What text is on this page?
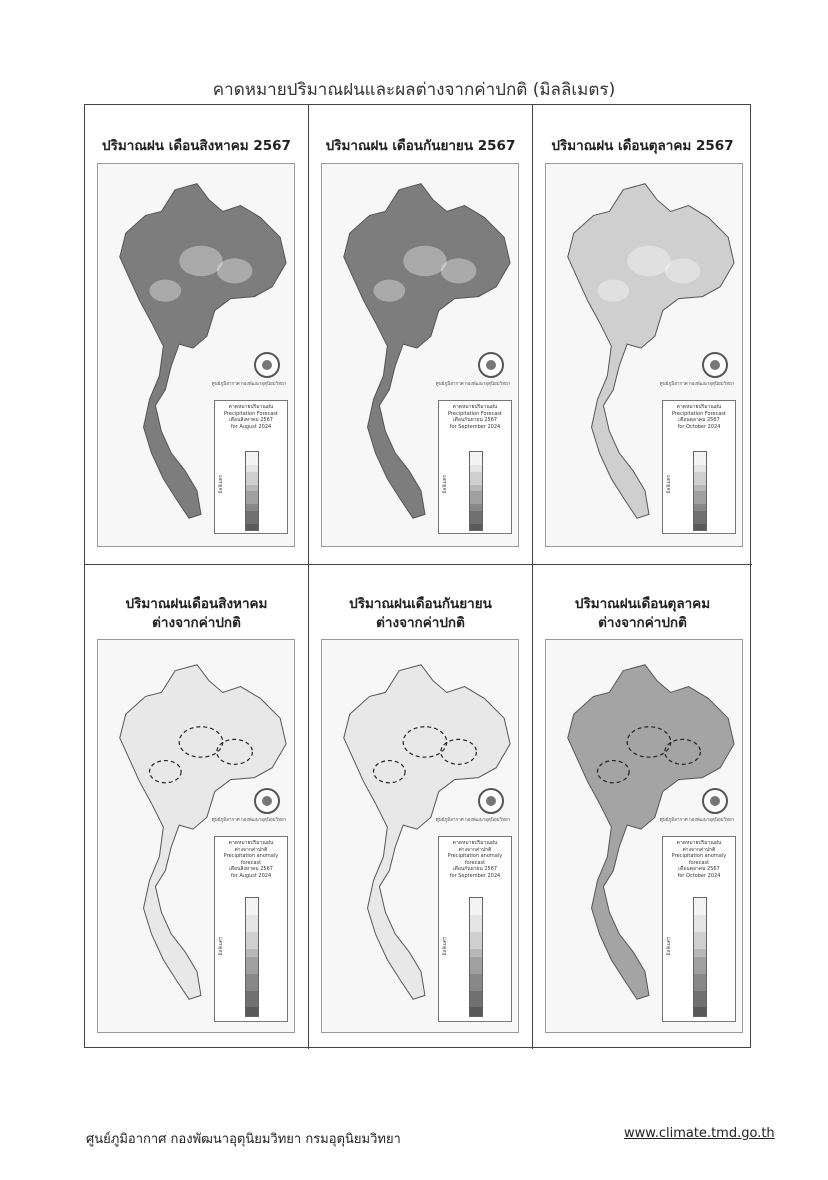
คาดหมายปริมาณฝนและผลต่างจากค่าปกติ (มิลลิเมตร)
ปริมาณฝน เดือนสิงหาคม 2567
ศูนย์ภูมิอากาศ กองพัฒนาอุตุนิยมวิทยา
คาดหมายปริมาณฝน
Precipitation Forecast
เดือนสิงหาคม 2567
for August 2024
มิลลิเมตร
ปริมาณฝน เดือนกันยายน 2567
ศูนย์ภูมิอากาศ กองพัฒนาอุตุนิยมวิทยา
คาดหมายปริมาณฝน
Precipitation Forecast
เดือนกันยายน 2567
for September 2024
มิลลิเมตร
ปริมาณฝน เดือนตุลาคม 2567
ศูนย์ภูมิอากาศ กองพัฒนาอุตุนิยมวิทยา
คาดหมายปริมาณฝน
Precipitation Forecast
เดือนตุลาคม 2567
for October 2024
มิลลิเมตร
ปริมาณฝนเดือนสิงหาคม
ต่างจากค่าปกติ
ศูนย์ภูมิอากาศ กองพัฒนาอุตุนิยมวิทยา
คาดหมายปริมาณฝน
ต่างจากค่าปกติ
Precipitation anomaly
forecast
เดือนสิงหาคม 2567
for August 2024
มิลลิเมตร
ปริมาณฝนเดือนกันยายน
ต่างจากค่าปกติ
ศูนย์ภูมิอากาศ กองพัฒนาอุตุนิยมวิทยา
คาดหมายปริมาณฝน
ต่างจากค่าปกติ
Precipitation anomaly
forecast
เดือนกันยายน 2567
for September 2024
มิลลิเมตร
ปริมาณฝนเดือนตุลาคม
ต่างจากค่าปกติ
ศูนย์ภูมิอากาศ กองพัฒนาอุตุนิยมวิทยา
คาดหมายปริมาณฝน
ต่างจากค่าปกติ
Precipitation anomaly
forecast
เดือนตุลาคม 2567
for October 2024
มิลลิเมตร
ศูนย์ภูมิอากาศ กองพัฒนาอุตุนิยมวิทยา กรมอุตุนิยมวิทยา	www.climate.tmd.go.th
